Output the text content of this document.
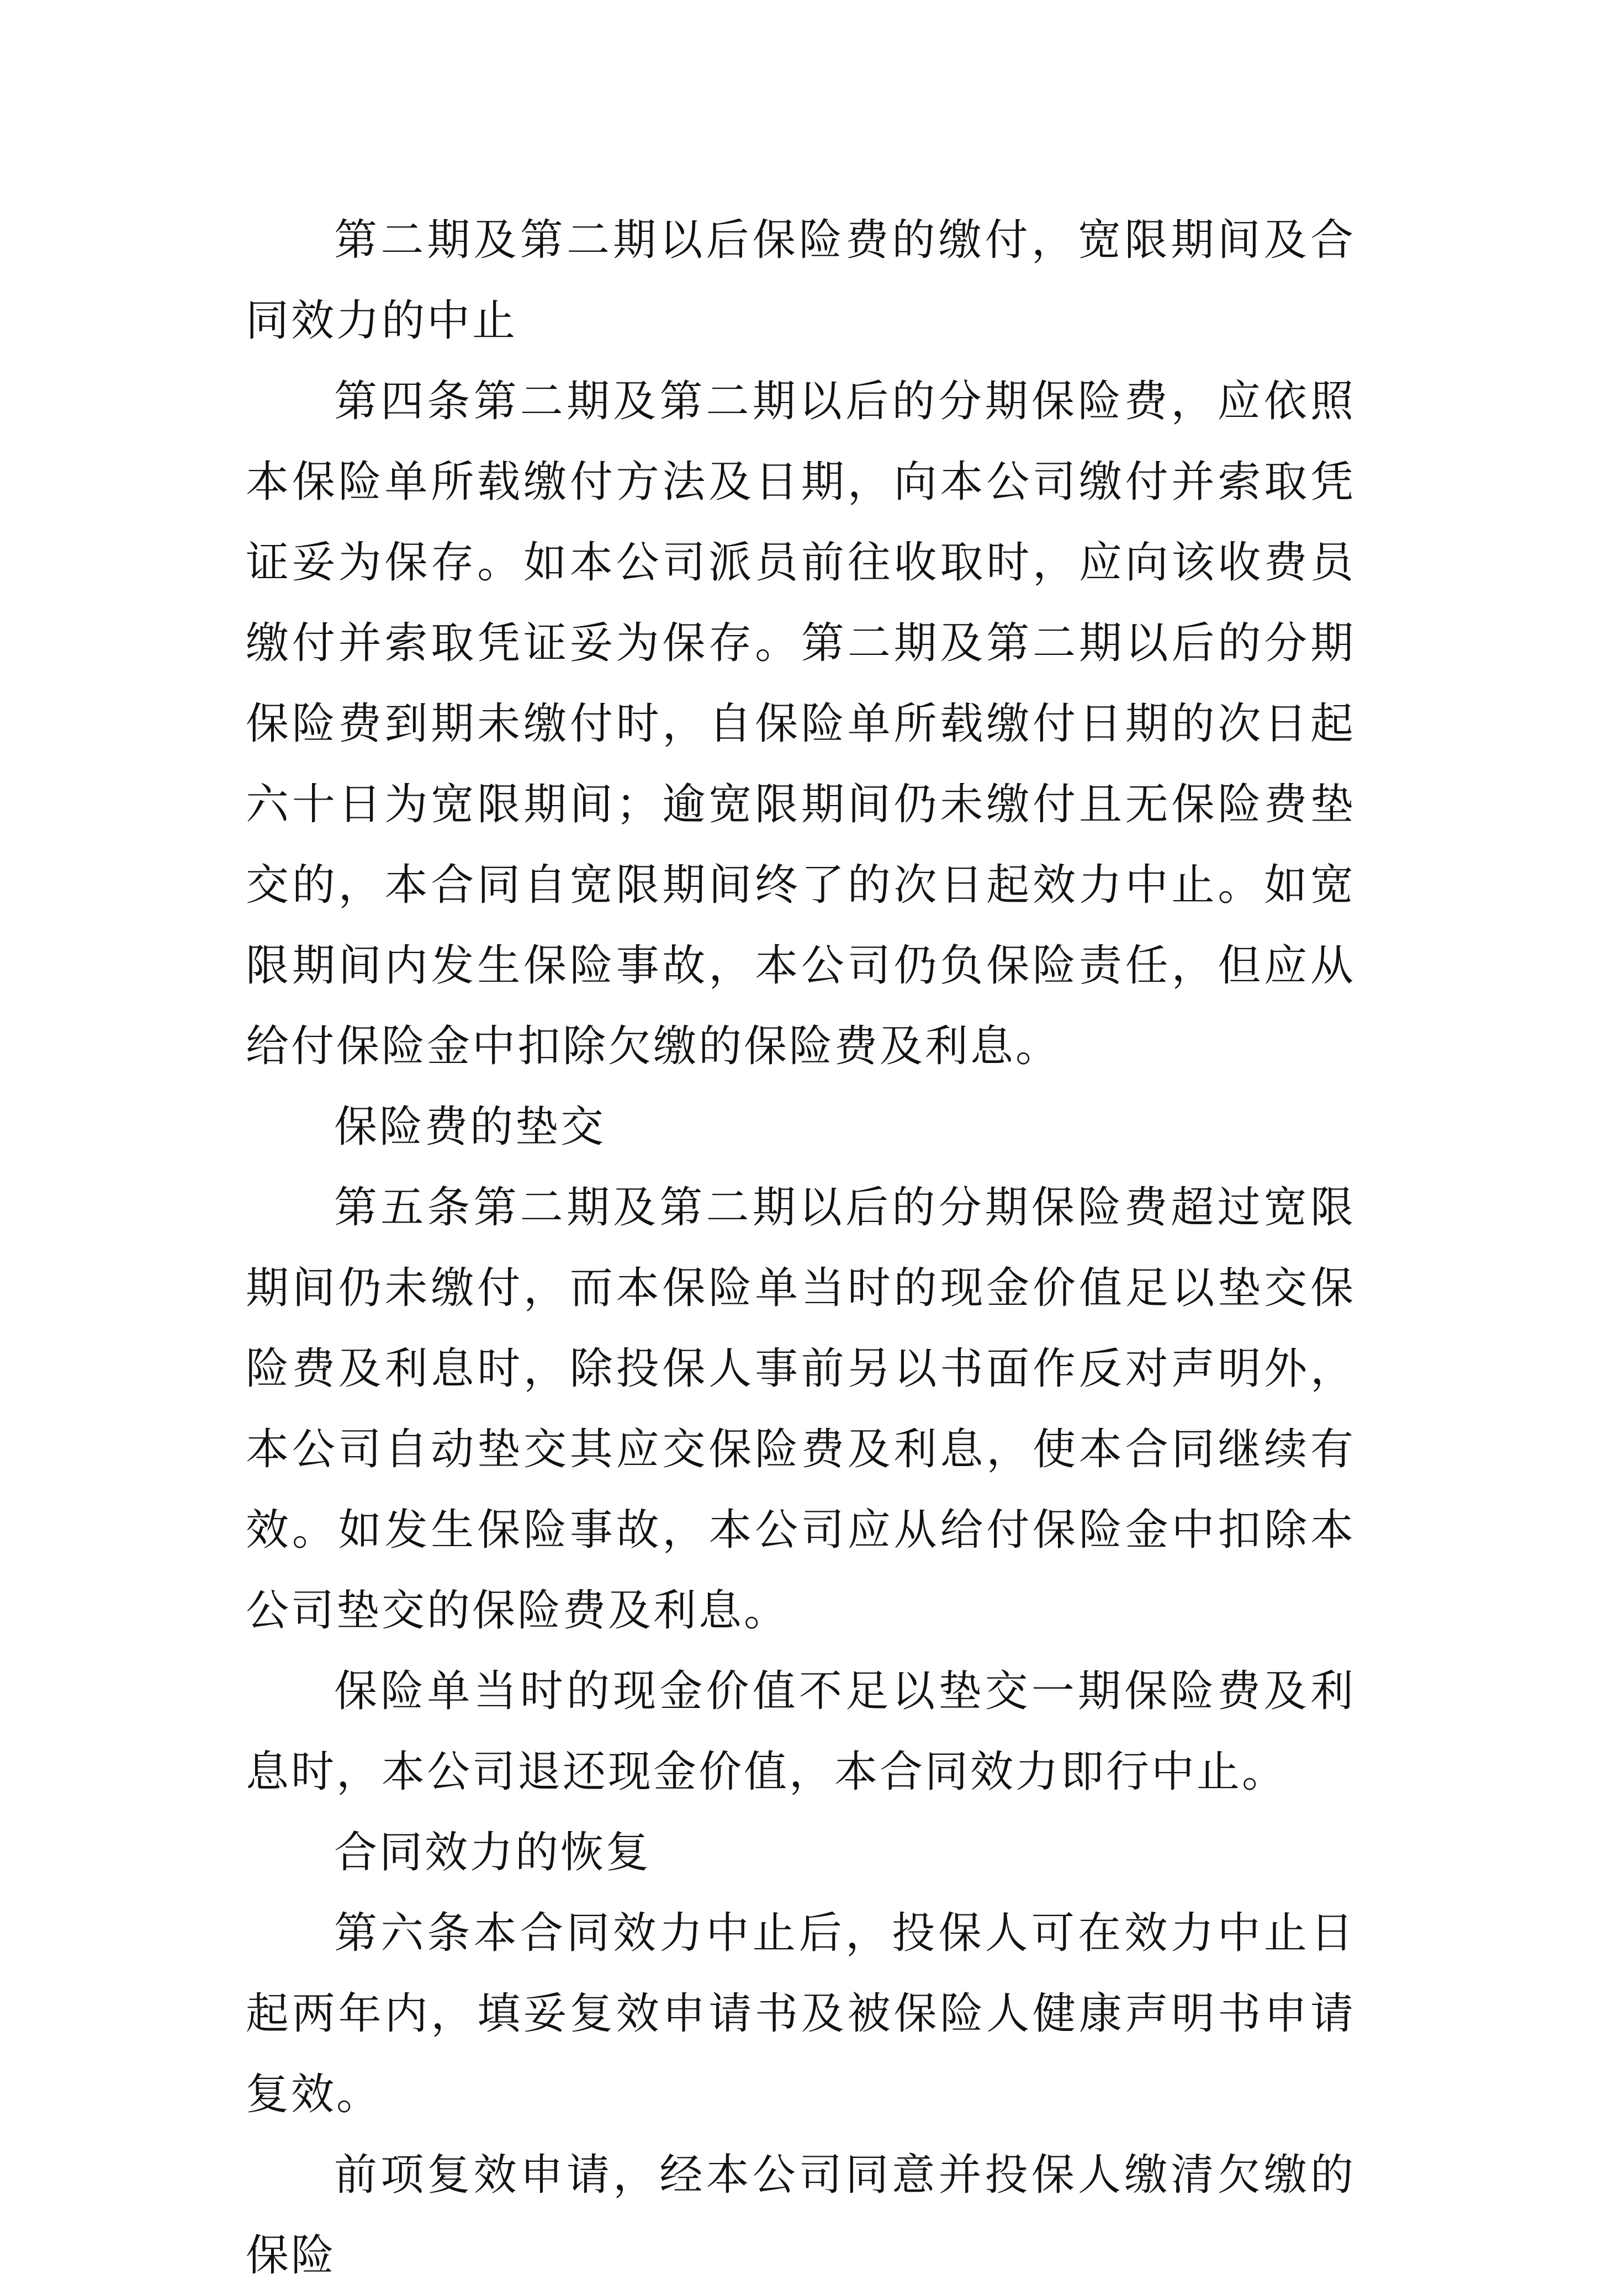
第二期及第二期以后保险费的缴付，宽限期间及合同效力的中止

第四条第二期及第二期以后的分期保险费，应依照本保险单所载缴付方法及日期，向本公司缴付并索取凭证妥为保存。如本公司派员前往收取时，应向该收费员缴付并索取凭证妥为保存。第二期及第二期以后的分期保险费到期未缴付时，自保险单所载缴付日期的次日起六十日为宽限期间；逾宽限期间仍未缴付且无保险费垫交的，本合同自宽限期间终了的次日起效力中止。如宽限期间内发生保险事故，本公司仍负保险责任，但应从给付保险金中扣除欠缴的保险费及利息。

保险费的垫交

第五条第二期及第二期以后的分期保险费超过宽限期间仍未缴付，而本保险单当时的现金价值足以垫交保险费及利息时，除投保人事前另以书面作反对声明外，本公司自动垫交其应交保险费及利息，使本合同继续有效。如发生保险事故，本公司应从给付保险金中扣除本公司垫交的保险费及利息。

保险单当时的现金价值不足以垫交一期保险费及利息时，本公司退还现金价值，本合同效力即行中止。

合同效力的恢复

第六条本合同效力中止后，投保人可在效力中止日起两年内，填妥复效申请书及被保险人健康声明书申请复效。

前项复效申请，经本公司同意并投保人缴清欠缴的保险
